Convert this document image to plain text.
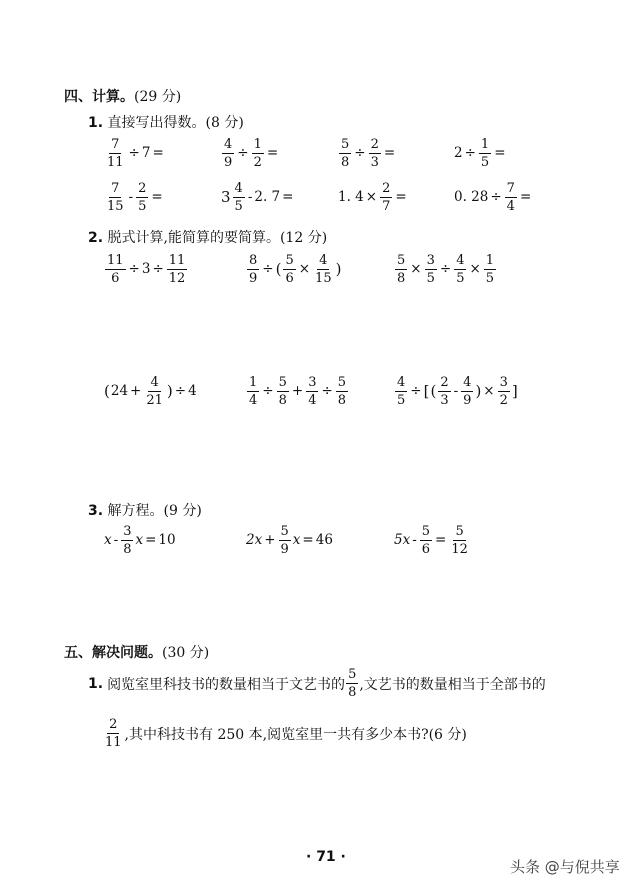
四、计算。(29 分)
1. 直接写出得数。(8 分)
$\frac{7}{11} \div 7$ =	$\frac{4}{9} \div \frac{1}{2}$ =	$\frac{5}{8} \div \frac{2}{3}$ =	$2 \div \frac{1}{5}$ =
$\frac{7}{15} - \frac{2}{5}$ =	$3 \frac{4}{5} - 2$. 7 =	1. $4 \times \frac{2}{7}$ =	0. $28 \div \frac{7}{4}$ =
2. 脱式计算,能简算的要简算。(12 分)
$\frac{11}{6} \div 3 \div \frac{11}{12}$	$\frac{8}{9}$ ÷ ( $\frac{5}{6} \times \frac{4}{15}$ )	$\frac{5}{8} \times \frac{3}{5} \div \frac{4}{5} \times \frac{1}{5}$
( $24 + \frac{4}{21}$ ) ÷ 4	$\frac{1}{4} \div \frac{5}{8} + \frac{3}{4} \div \frac{5}{8}$	$\frac{4}{5}$ ÷ [ ( $\frac{2}{3} - \frac{4}{9}$ ) × $\frac{3}{2}$ ]
3. 解方程。(9 分)
x - $\frac{3}{8}$ x = 10	$2x + \frac{5}{9}$ x = 46	$5x - \frac{5}{6} = \frac{5}{12}$
五、解决问题。(30 分)
1. 阅览室里科技书的数量相当于文艺书的 $\frac{5}{8}$ ,文艺书的数量相当于全部书的
$\frac{2}{11}$ ,其中科技书有 250 本,阅览室里一共有多少本书? (6 分)
· 71 ·
头条 @与倪共享
